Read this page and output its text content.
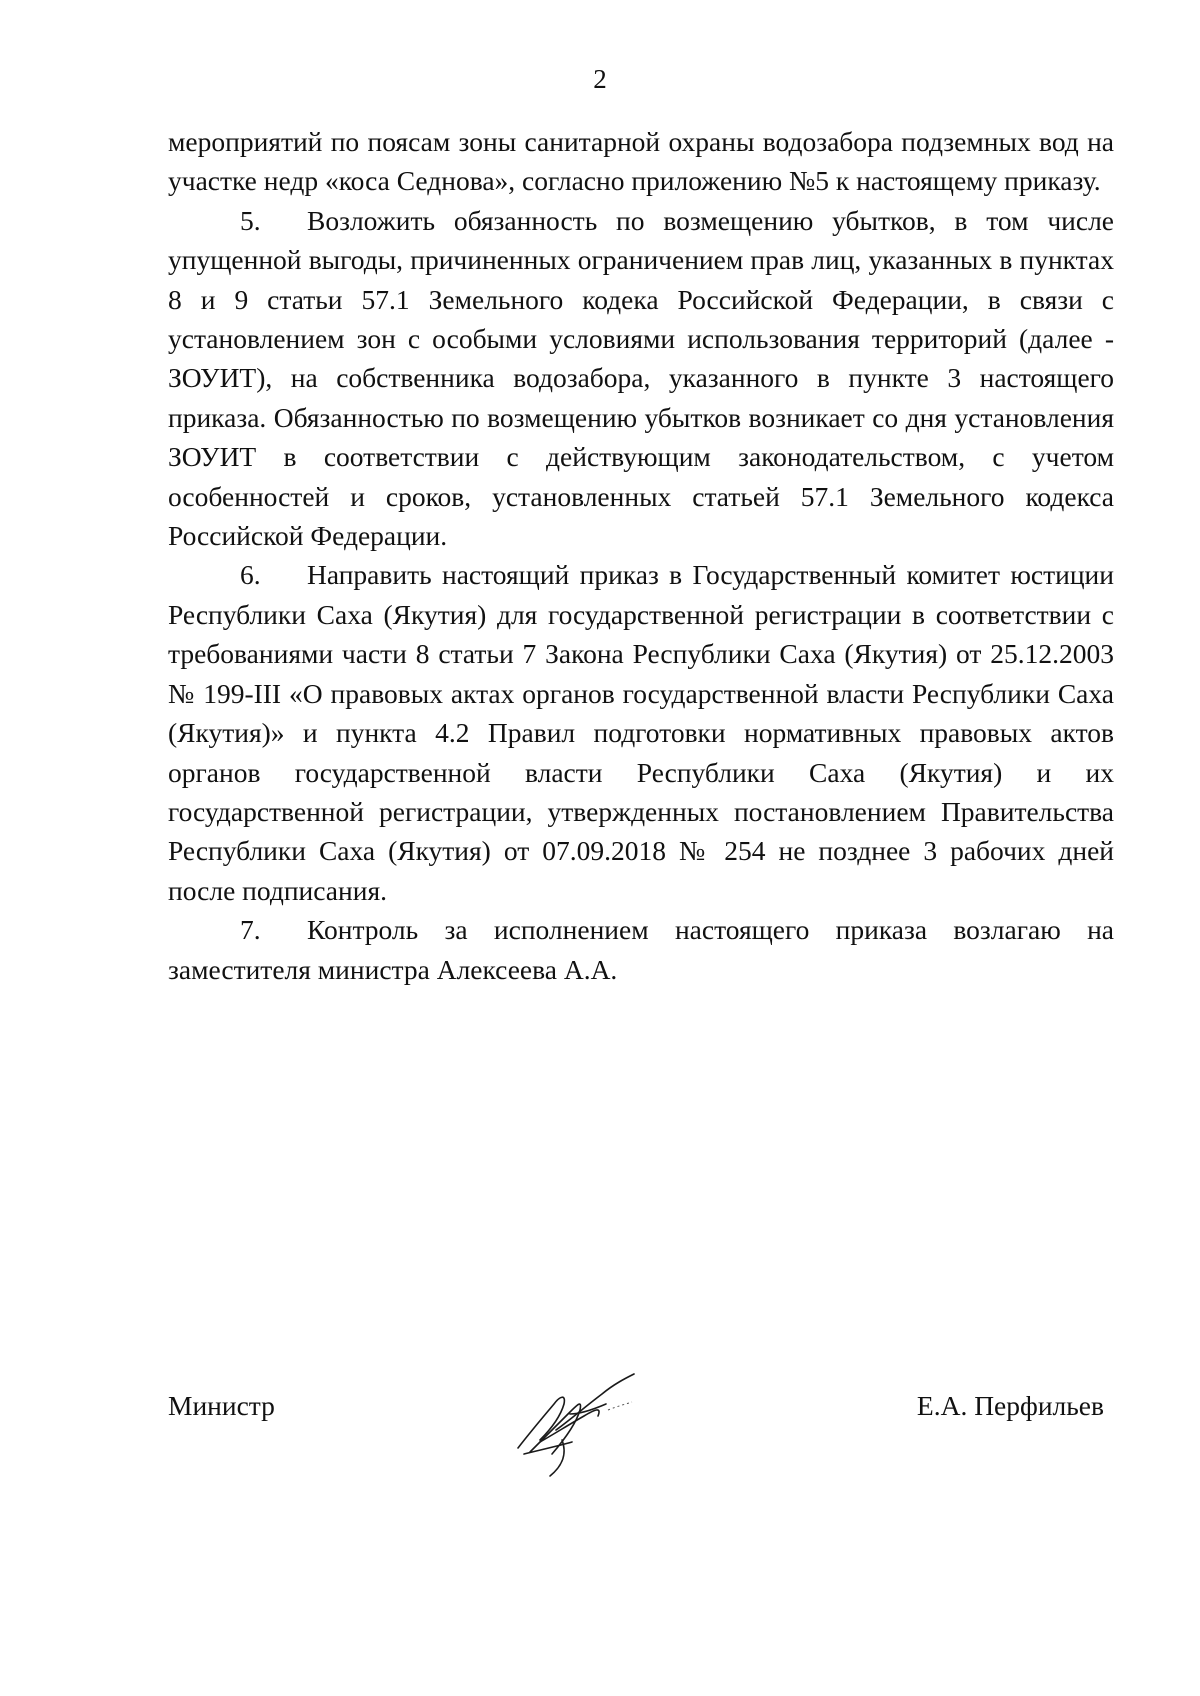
2

мероприятий по поясам зоны санитарной охраны водозабора подземных вод на участке недр «коса Седнова», согласно приложению №5 к настоящему приказу.

5. Возложить обязанность по возмещению убытков, в том числе упущенной выгоды, причиненных ограничением прав лиц, указанных в пунктах 8 и 9 статьи 57.1 Земельного кодека Российской Федерации, в связи с установлением зон с особыми условиями использования территорий (далее - ЗОУИТ), на собственника водозабора, указанного в пункте 3 настоящего приказа. Обязанностью по возмещению убытков возникает со дня установления ЗОУИТ в соответствии с действующим законодательством, с учетом особенностей и сроков, установленных статьей 57.1 Земельного кодекса Российской Федерации.

6. Направить настоящий приказ в Государственный комитет юстиции Республики Саха (Якутия) для государственной регистрации в соответствии с требованиями части 8 статьи 7 Закона Республики Саха (Якутия) от 25.12.2003 № 199-III «О правовых актах органов государственной власти Республики Саха (Якутия)» и пункта 4.2 Правил подготовки нормативных правовых актов органов государственной власти Республики Саха (Якутия) и их государственной регистрации, утвержденных постановлением Правительства Республики Саха (Якутия) от 07.09.2018 № 254 не позднее 3 рабочих дней после подписания.

7. Контроль за исполнением настоящего приказа возлагаю на заместителя министра Алексеева А.А.

Министр	Е.А. Перфильев
